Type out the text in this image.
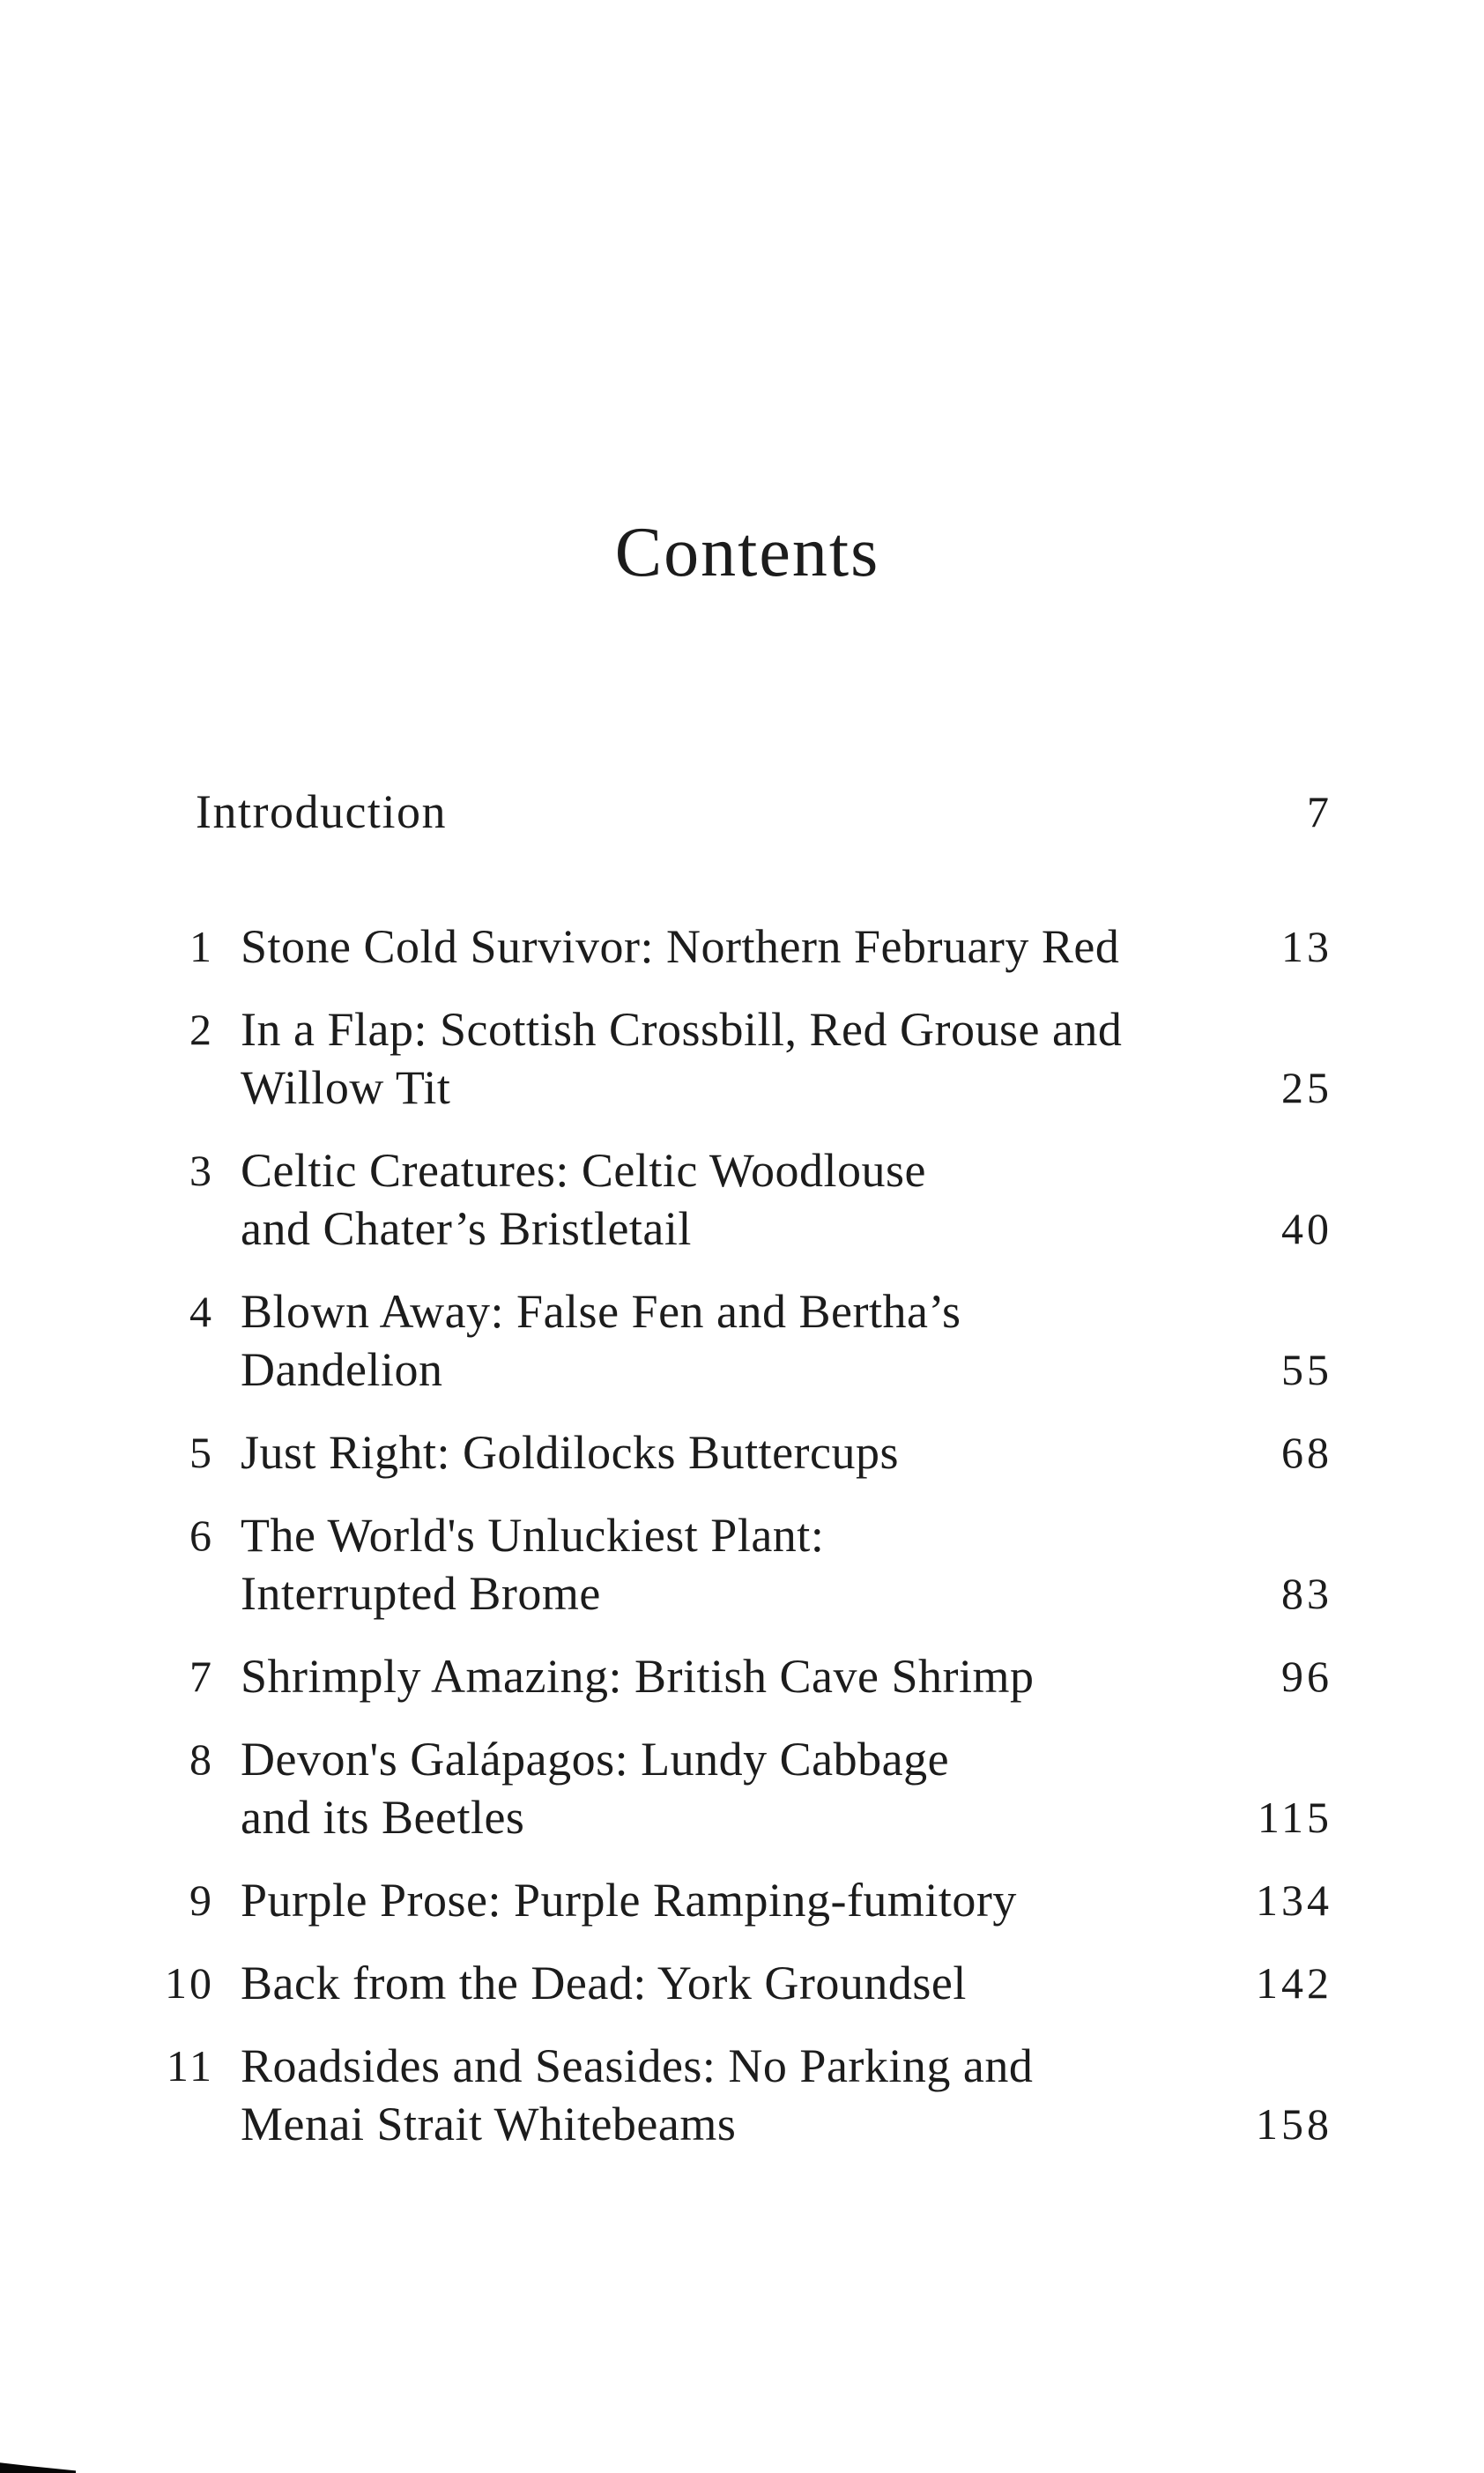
Contents
Introduction	7
1 Stone Cold Survivor: Northern February Red	13
2 In a Flap: Scottish Crossbill, Red Grouse and
Willow Tit	25
3 Celtic Creatures: Celtic Woodlouse
and Chater’s Bristletail	40
4 Blown Away: False Fen and Bertha’s
Dandelion	55
5 Just Right: Goldilocks Buttercups	68
6 The World's Unluckiest Plant:
Interrupted Brome	83
7 Shrimply Amazing: British Cave Shrimp	96
8 Devon's Galápagos: Lundy Cabbage
and its Beetles	115
9 Purple Prose: Purple Ramping-fumitory	134
10 Back from the Dead: York Groundsel	142
11 Roadsides and Seasides: No Parking and
Menai Strait Whitebeams	158
